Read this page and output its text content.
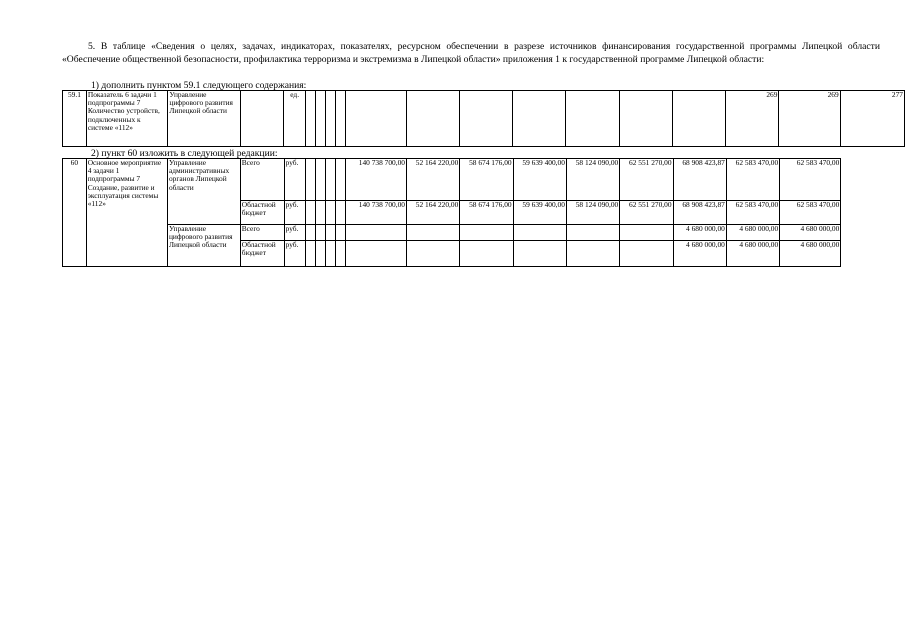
5. В таблице «Сведения о целях, задачах, индикаторах, показателях, ресурсном обеспечении в разрезе источников финансирования государственной программы Липецкой области «Обеспечение общественной безопасности, профилактика терроризма и экстремизма в Липецкой области» приложения 1 к государственной программе Липецкой области:
1) дополнить пунктом 59.1 следующего содержания:
59.1	Показатель 6 задачи 1 подпрограммы 7 Количество устройств, подключенных к системе «112»	Управление цифрового развития Липецкой области		ед.												269	269	277
2) пункт 60 изложить в следующей редакции:
60	Основное мероприятие 4 задачи 1 подпрограммы 7 Создание, развитие и эксплуатация системы «112»	Управление административных органов Липецкой области	Всего	руб.					140 738 700,00	52 164 220,00	58 674 176,00	59 639 400,00	58 124 090,00	62 551 270,00	68 908 423,87	62 583 470,00	62 583 470,00
			Областной бюджет	руб.					140 738 700,00	52 164 220,00	58 674 176,00	59 639 400,00	58 124 090,00	62 551 270,00	68 908 423,87	62 583 470,00	62 583 470,00
		Управление цифрового развития Липецкой области	Всего	руб.											4 680 000,00	4 680 000,00	4 680 000,00
			Областной бюджет	руб.											4 680 000,00	4 680 000,00	4 680 000,00
